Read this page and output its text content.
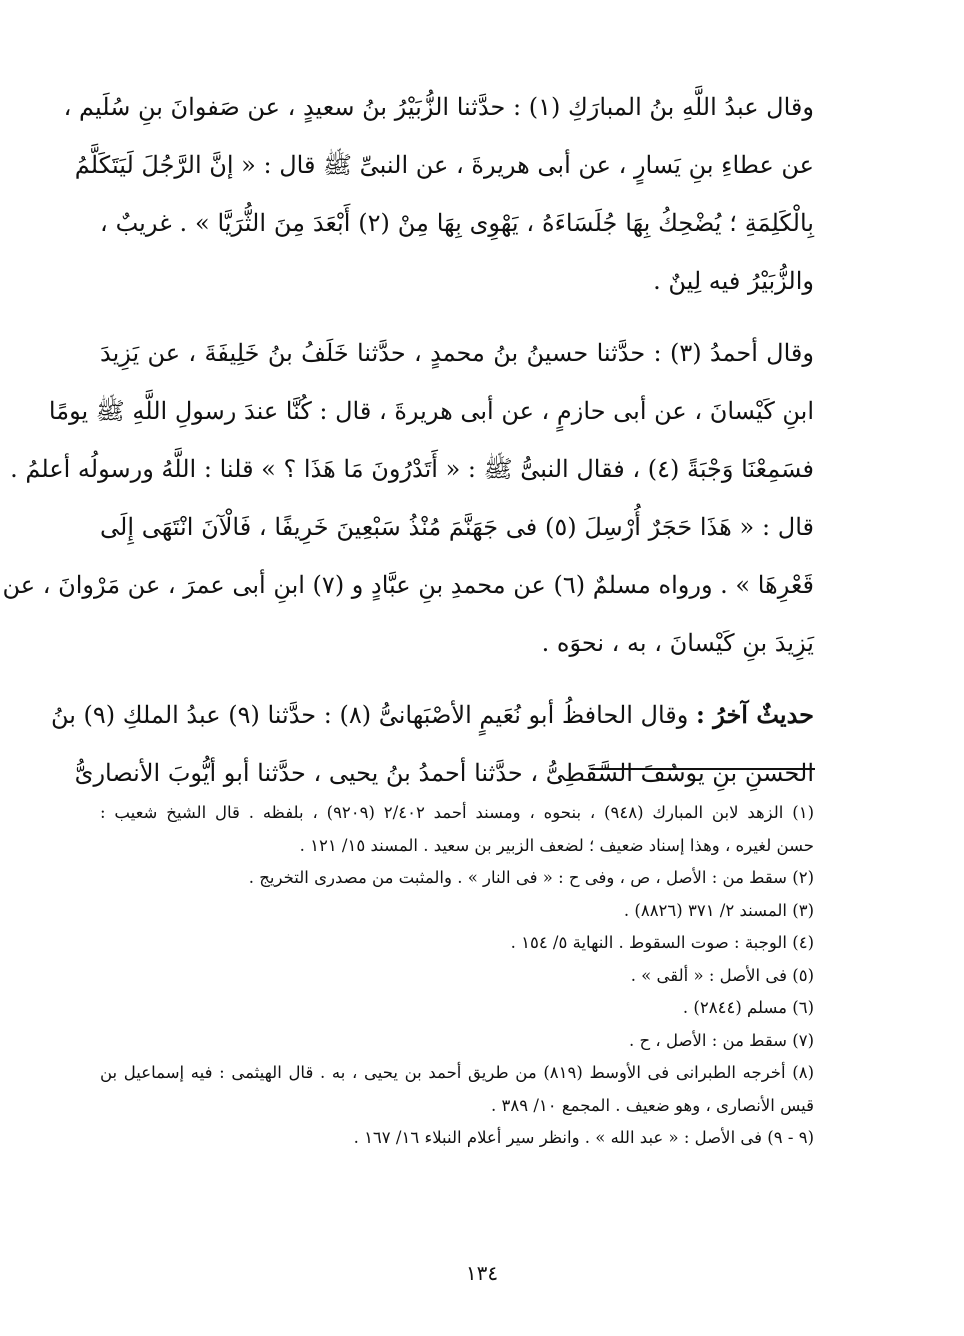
وقال عبدُ اللَّهِ بنُ المبارَكِ (١) : حدَّثنا الزُّبَيْرُ بنُ سعيدٍ ، عن صَفوانَ بنِ سُلَيم ،
عن عطاءِ بنِ يَسارٍ ، عن أبى هريرةَ ، عن النبىِّ ﷺ قال : « إنَّ الرَّجُلَ لَيَتَكَلَّمُ
بِالْكَلِمَةِ ؛ يُضْحِكُ بِهَا جُلَسَاءَهُ ، يَهْوِى بِهَا مِنْ (٢) أَبْعَدَ مِنَ الثُّرَيَّا » . غريبٌ ،
والزُّبَيْرُ فيه لِينٌ .

وقال أحمدُ (٣) : حدَّثنا حسينُ بنُ محمدٍ ، حدَّثنا خَلَفُ بنُ خَلِيفَةَ ، عن يَزِيدَ
ابنِ كَيْسانَ ، عن أبى حازمٍ ، عن أبى هريرةَ ، قال : كُنَّا عندَ رسولِ اللَّهِ ﷺ يومًا
فسَمِعْنَا وَجْبَةً (٤) ، فقال النبىُّ ﷺ : « أَتَدْرُونَ مَا هَذَا ؟ » قلنا : اللَّهُ ورسولُه أعلمُ .
قال : « هَذَا حَجَرٌ أُرْسِلَ (٥) فى جَهَنَّمَ مُنْذُ سَبْعِينَ خَرِيفًا ، فَالْآنَ انْتَهَى إِلَى
قَعْرِهَا » . ورواه مسلمٌ (٦) عن محمدِ بنِ عبَّادٍ و (٧) ابنِ أبى عمرَ ، عن مَرْوانَ ، عن
يَزِيدَ بنِ كَيْسانَ ، به ، نحوَه .

حديثٌ آخرُ : وقال الحافظُ أبو نُعَيمٍ الأصْبَهانىُّ (٨) : حدَّثنا (٩) عبدُ الملكِ (٩) بنُ
الحسنِ بنِ يوسُفَ السَّقَطِىُّ ، حدَّثنا أحمدُ بنُ يحيى ، حدَّثنا أبو أيُّوبَ الأنصارىُّ

(١) الزهد لابن المبارك (٩٤٨) ، بنحوه ، ومسند أحمد ٢/٤٠٢ (٩٢٠٩) ، بلفظه . قال الشيخ شعيب :
حسن لغيره ، وهذا إسناد ضعيف ؛ لضعف الزبير بن سعيد . المسند ١٥/ ١٢١ .

(٢) سقط من : الأصل ، ص ، وفى ح : « فى النار » . والمثبت من مصدرى التخريج .

(٣) المسند ٢/ ٣٧١ (٨٨٢٦) .

(٤) الوجبة : صوت السقوط . النهاية ٥/ ١٥٤ .

(٥) فى الأصل : « ألقى » .

(٦) مسلم (٢٨٤٤) .

(٧) سقط من : الأصل ، ح .

(٨) أخرجه الطبرانى فى الأوسط (٨١٩) من طريق أحمد بن يحيى ، به . قال الهيثمى : فيه إسماعيل بن
قيس الأنصارى ، وهو ضعيف . المجمع ١٠/ ٣٨٩ .

(٩ - ٩) فى الأصل : « عبد الله » . وانظر سير أعلام النبلاء ١٦/ ١٦٧ .

١٣٤
